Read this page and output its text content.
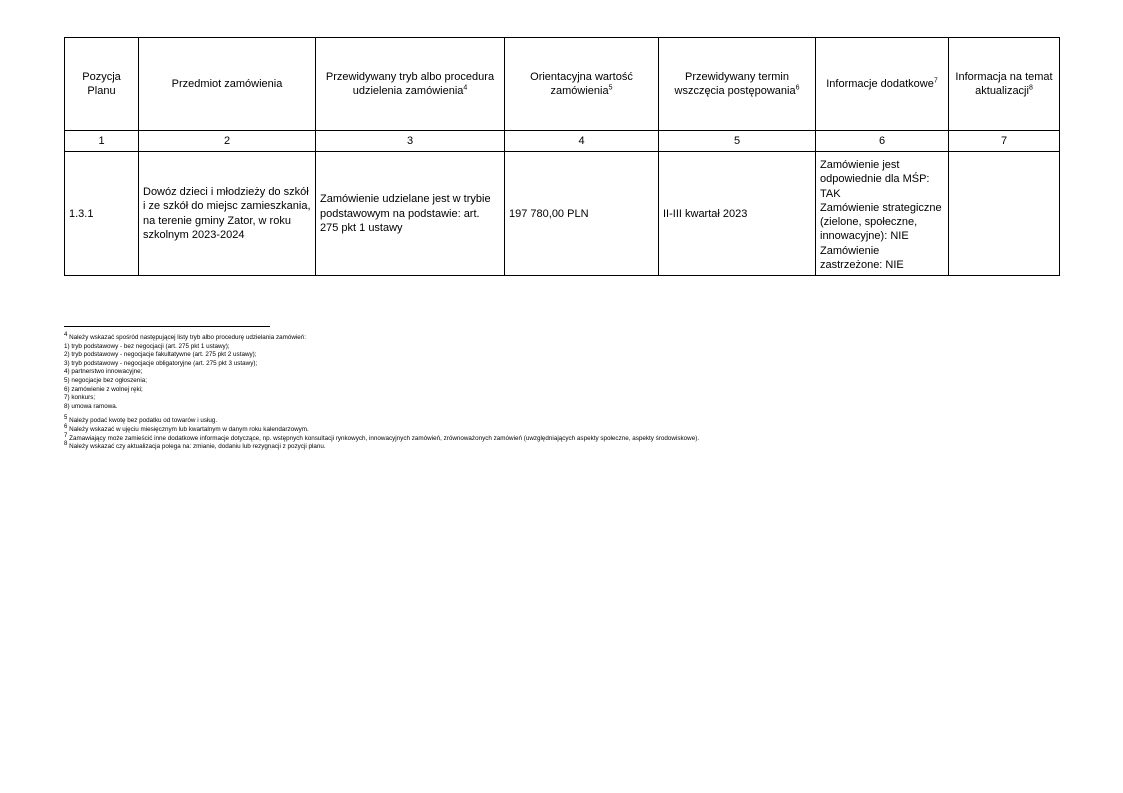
Pozycja Planu	Przedmiot zamówienia	Przewidywany tryb albo procedura udzielenia zamówienia$^4$	Orientacyjna wartość zamówienia$^5$	Przewidywany termin wszczęcia postępowania$^6$	Informacje dodatkowe$^7$	Informacja na temat aktualizacji$^8$
1	2	3	4	5	6	7
1.3.1	Dowóz dzieci i młodzieży do szkół i ze szkół do miejsc zamieszkania, na terenie gminy Zator, w roku szkolnym 2023-2024	Zamówienie udzielane jest w trybie podstawowym na podstawie: art. 275 pkt 1 ustawy	197 780,00 PLN	II-III kwartał 2023	Zamówienie jest odpowiednie dla MŚP: TAK
Zamówienie strategiczne (zielone, społeczne, innowacyjne): NIE
Zamówienie zastrzeżone: NIE	

$^4$ Należy wskazać spośród następującej listy tryb albo procedurę udzielania zamówień:

1) tryb podstawowy - bez negocjacji (art. 275 pkt 1 ustawy);
2) tryb podstawowy - negocjacje fakultatywne (art. 275 pkt 2 ustawy);
3) tryb podstawowy - negocjacje obligatoryjne (art. 275 pkt 3 ustawy);
4) partnerstwo innowacyjne;
5) negocjacje bez ogłoszenia;
6) zamówienie z wolnej ręki;
7) konkurs;
8) umowa ramowa.

$^5$ Należy podać kwotę bez podatku od towarów i usług.

$^6$ Należy wskazać w ujęciu miesięcznym lub kwartalnym w danym roku kalendarzowym.

$^7$ Zamawiający może zamieścić inne dodatkowe informacje dotyczące, np. wstępnych konsultacji rynkowych, innowacyjnych zamówień, zrównoważonych zamówień (uwzględniających aspekty społeczne, aspekty środowiskowe).

$^8$ Należy wskazać czy aktualizacja polega na: zmianie, dodaniu lub rezygnacji z pozycji planu.
